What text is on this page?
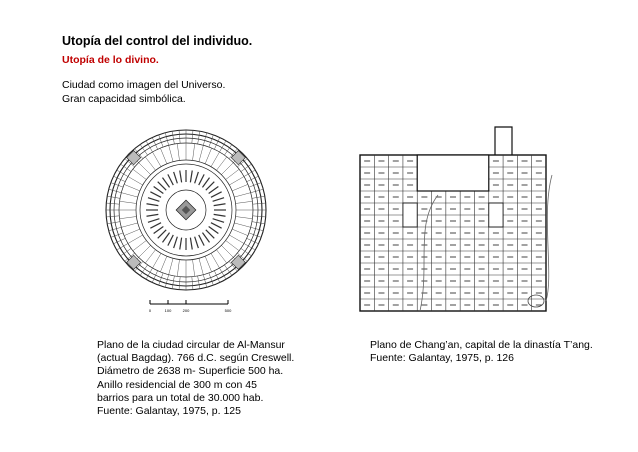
Utopía del control del individuo.
Utopía de lo divino.
Ciudad como imagen del Universo.
Gran capacidad simbólica.
0	100	200	500
Plano de la ciudad circular de Al-Mansur
(actual Bagdag). 766 d.C. según Creswell.
Diámetro de 2638 m- Superficie 500 ha.
Anillo residencial de 300 m con 45
barrios para un total de 30.000 hab.
Fuente: Galantay, 1975, p. 125
Plano de Chang’an, capital de la dinastía T’ang.
Fuente: Galantay, 1975, p. 126
